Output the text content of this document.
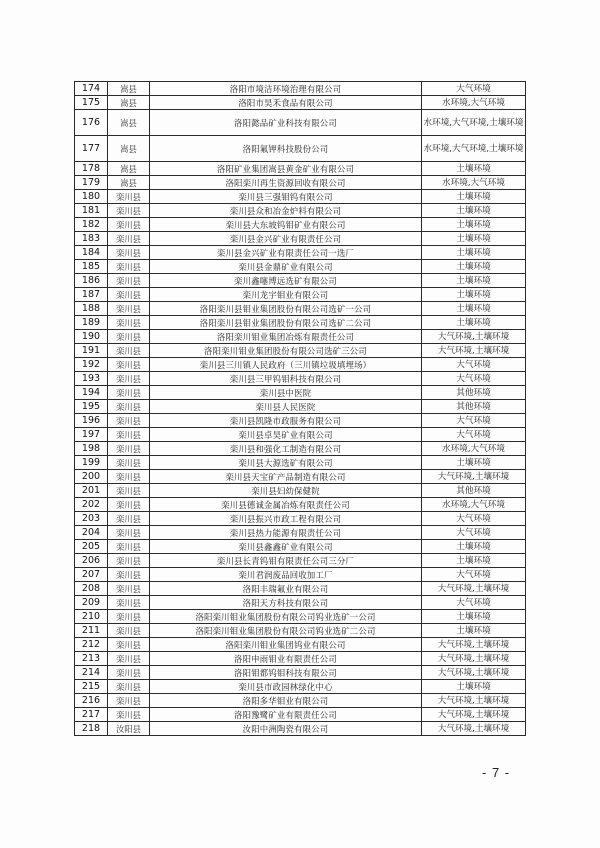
174	嵩县	洛阳市境洁环境治理有限公司	大气环境
175	嵩县	洛阳市昊禾食品有限公司	水环境,大气环境
176	嵩县	洛阳懿品矿业科技有限公司	水环境,大气环境,土壤环境
177	嵩县	洛阳氟钾科技股份公司	水环境,大气环境,土壤环境
178	嵩县	洛阳矿业集团嵩县黄金矿业有限公司	土壤环境
179	嵩县	洛阳栾川再生资源回收有限公司	水环境,大气环境
180	栾川县	栾川县三强钼钨有限公司	土壤环境
181	栾川县	栾川县众和冶金炉料有限公司	土壤环境
182	栾川县	栾川县大东坡钨钼矿业有限公司	土壤环境
183	栾川县	栾川县金兴矿业有限责任公司	土壤环境
184	栾川县	栾川县金兴矿业有限责任公司一选厂	土壤环境
185	栾川县	栾川县金鼎矿业有限公司	土壤环境
186	栾川县	栾川鑫噻博远选矿有限公司	土壤环境
187	栾川县	栾川龙宇钼业有限公司	土壤环境
188	栾川县	洛阳栾川县钼业集团股份有限公司选矿一公司	土壤环境
189	栾川县	洛阳栾川县钼业集团股份有限公司选矿二公司	土壤环境
190	栾川县	洛阳栾川钼业集团冶炼有限责任公司	大气环境,土壤环境
191	栾川县	洛阳栾川钼业集团股份有限公司选矿三公司	大气环境,土壤环境
192	栾川县	栾川县三川镇人民政府（三川镇垃圾填埋场）	大气环境
193	栾川县	栾川县三甲钨钼科技有限公司	大气环境
194	栾川县	栾川县中医院	其他环境
195	栾川县	栾川县人民医院	其他环境
196	栾川县	栾川县凯隆市政服务有限公司	大气环境
197	栾川县	栾川县卓昊矿业有限公司	大气环境
198	栾川县	栾川县和强化工制造有限公司	水环境,大气环境
199	栾川县	栾川县大源选矿有限公司	土壤环境
200	栾川县	栾川县天宝矿产品制造有限公司	大气环境,土壤环境
201	栾川县	栾川县妇幼保健院	其他环境
202	栾川县	栾川县德诚金属冶炼有限责任公司	水环境,大气环境
203	栾川县	栾川县振兴市政工程有限公司	大气环境
204	栾川县	栾川县热力能源有限责任公司	大气环境
205	栾川县	栾川县鑫鑫矿业有限公司	土壤环境
206	栾川县	栾川县长青钨钼有限责任公司三分厂	土壤环境
207	栾川县	栾川君润废品回收加工厂	大气环境
208	栾川县	洛阳丰瑞氟业有限公司	大气环境,土壤环境
209	栾川县	洛阳天方科技有限公司	大气环境
210	栾川县	洛阳栾川钼业集团股份有限公司钨业选矿一公司	土壤环境
211	栾川县	洛阳栾川钼业集团股份有限公司钨业选矿二公司	土壤环境
212	栾川县	洛阳栾川钼业集团钨业有限公司	大气环境,土壤环境
213	栾川县	洛阳申雨钼业有限责任公司	大气环境,土壤环境
214	栾川县	洛阳钼都钨钼科技有限公司	大气环境,土壤环境
215	栾川县	栾川县市政园林绿化中心	土壤环境
216	栾川县	洛阳多华钼业有限公司	大气环境,土壤环境
217	栾川县	洛阳豫鹭矿业有限责任公司	大气环境,土壤环境
218	汝阳县	汝阳中洲陶瓷有限公司	大气环境,土壤环境
- 7 -
